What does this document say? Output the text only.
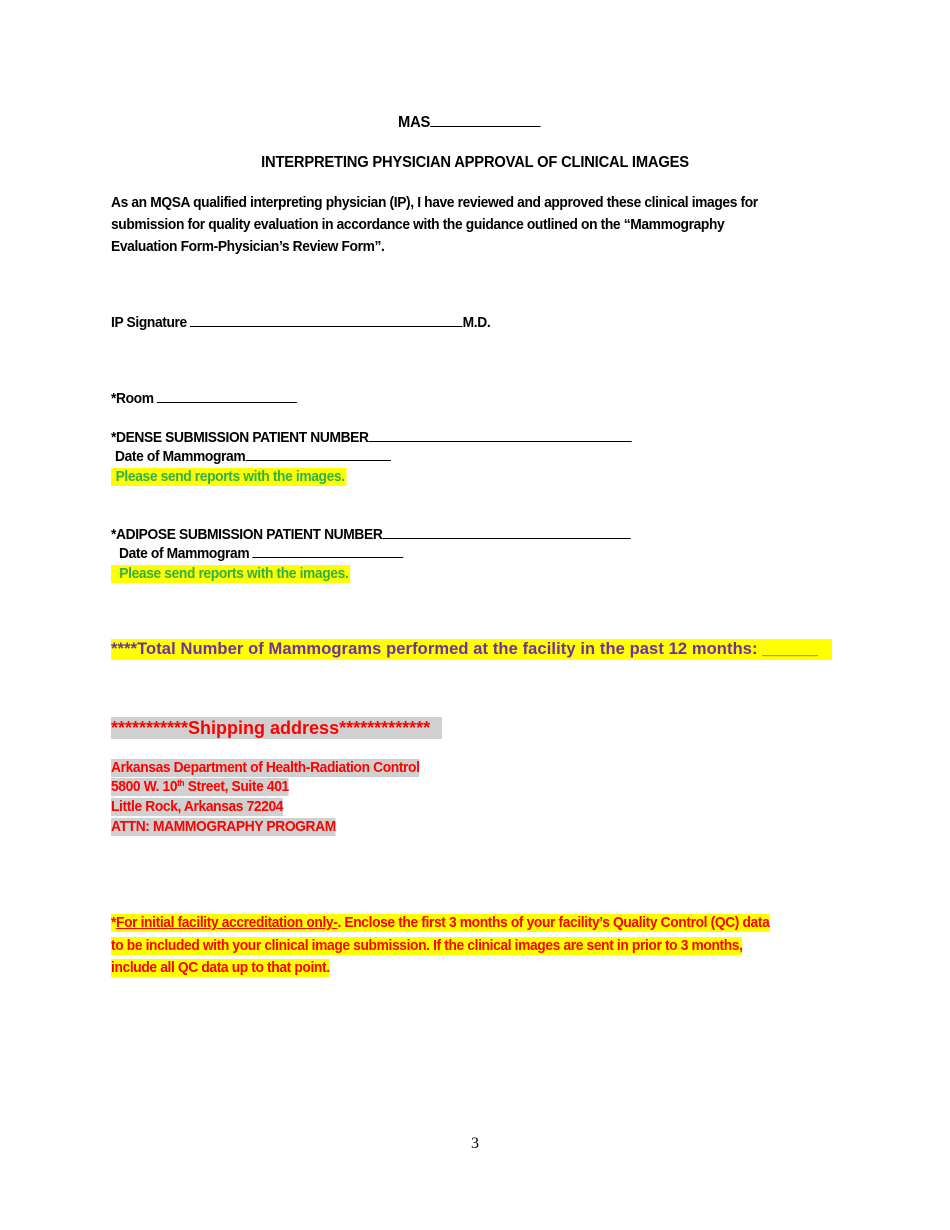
MAS
INTERPRETING PHYSICIAN APPROVAL OF CLINICAL IMAGES
As an MQSA qualified interpreting physician (IP), I have reviewed and approved these clinical images for
submission for quality evaluation in accordance with the guidance outlined on the “Mammography
Evaluation Form-Physician’s Review Form”.
IP Signature	M.D.
*Room
*DENSE SUBMISSION PATIENT NUMBER
Date of Mammogram
Please send reports with the images.
*ADIPOSE SUBMISSION PATIENT NUMBER
Date of Mammogram
Please send reports with the images.
****Total Number of Mammograms performed at the facility in the past 12 months: ______
***********Shipping address*************
Arkansas Department of Health-Radiation Control
5800 W. 10th Street, Suite 401
Little Rock, Arkansas 72204
ATTN: MAMMOGRAPHY PROGRAM
*For initial facility accreditation only-. Enclose the first 3 months of your facility’s Quality Control (QC) data
to be included with your clinical image submission. If the clinical images are sent in prior to 3 months,
include all QC data up to that point.
3
